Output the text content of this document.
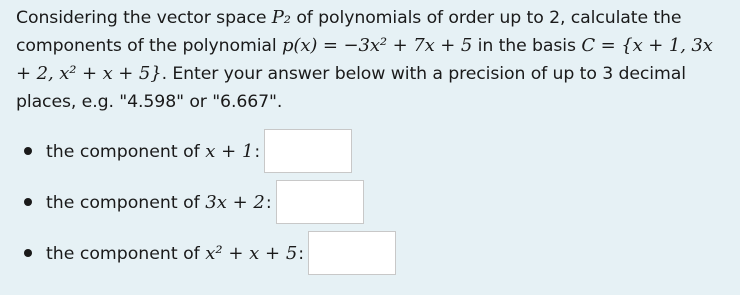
Considering the vector space P₂ of polynomials of order up to 2, calculate the components of the polynomial p(x) = −3x² + 7x + 5 in the basis C = {x + 1, 3x + 2, x² + x + 5}. Enter your answer below with a precision of up to 3 decimal places, e.g. "4.598" or "6.667".

the component of x + 1:
the component of 3x + 2:
the component of x² + x + 5:
